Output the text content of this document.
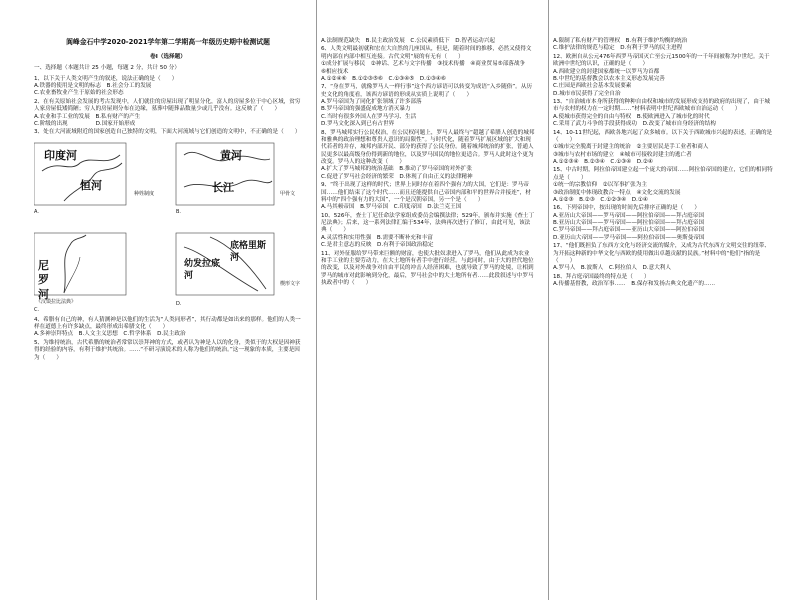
阆峰金石中学2020-2021学年第二学期高一年级历史期中检测试题
卷Ⅰ（选择题）
一、选择题（本题共计 25 小题，每题 2 分，共计 50 分）
1、以下关于人类文明产生的叙述，说法正确的是（　　）
A.铁器的使用是文明的标志　B.社会分工的发展
C.农业畜牧业产生于原始的社会形态
2、在有关原始社会发展的考古发现中，人们就住的房屋出现了明显分化，富人的房屋多位于中心区域，贫穷人家房屋低矮简陋；穷人的房屋则分布在边缘，墓葬中随葬品数量少或几乎没有。这反映了（　　）
A.农业和手工业的发展　B.私有财产的产生
C.阶级的出现　　　　　D.国家开始形成
3、处在大河流域附近的国家创造自己独特的文明，下面大河流域与它们创造的文明中，不正确的是（　　）
印度河
恒河
黄河
长江
尼罗河
幼发拉底河
底格里斯河
种姓制度	甲骨文
《汉谟拉比法典》
楔形文字
A.	B.
C.
D.
4、希腊有自己的神，有人猜测神是以他们的生活为“人类同形者”，其行动都是如出来的那样。他们的人类一样在道德上有许多缺点，最终形成出希腊文化（　　）
A.多神崇拜特点　B.人文主义思想　C.哲学体系　D.民主政治
5、为维持统治，古代希腊的统治者常常以崇拜神的方式，或者认为神是人以的化身，类似于的大权是因神获得的经验的内容，有利于维护其统治。……“不研习演说术的人称为他们的统治。”这一现象的本质，主要是因为（　　）
A.法制规范缺失　B.民主政治发展　C.公民素质低下　D.智者运动兴起
6、人类文明最初就和宏在大自然的几座国从，但是，随着时间的推移，必然又使得文明内部在内部中相互连接。古代文明“展的有无有（　　）
①成分扩展与移民　②神话、艺术与文字传播　③技术传播　④商业贸易⑤部落战争　⑥相应技术
A.①②④⑥　B.①②③⑤⑥　C.①③④⑤　D.①③④⑥
7、“身在罗马，就像罗马人一样行事”这个西方谚语可以转变为成语“入乡随俗”。从历史文化的角度看，该西方谚语的形成从实质上说明了（　　）
A.罗马帝国为了同化扩张领域了许多部落
B.罗马帝国的强盛促成地方消灭暴力
C.当时有很多外国人在罗马学习、生活
D.罗马文化深入到已有占世界
8、罗马城邦实行公民权治，在公民权问题上，罗马人最终与“超越了希腊人创造的城邦和雅典的政治理想和尊贵人意识的局限性”。与时代化，随着罗马扩展区域的扩大和现代若者的并存，城邦内部开民、部分的获得了公民身份。随着城邦统治的扩张，普通人民更多以最高级身份得到新的地位，以及罗马国民的地位更适合。罗马人此时这个更为改变。罗马人的这种改变（　　）
A.扩大了罗马城邦的统治基础　B.推动了罗马帝国的对外扩张
C.促进了罗马社会经济的繁荣　D.体现了自由正义的法律精神
9、“终于出现了这样的时代；世界上同时存在着四个强有力的大国，它们是：罗马帝国……他们结束了这个时代……而且还能提供自己帝国内部和平的世界合并接连”，材料中的“四个强有力的大国”，一个是汉朝帝国，另一个是（　　）
A.马其顿帝国　B.罗马帝国　C.印度帝国　D.法兰克王国
10、526年，查士丁尼任命法学家组成委员会编撰法律；529年，颁布并实施《查士丁尼法典》；后来，这一系列法律汇编于534年，法典再次进行了修订，由此可见，该法典（　　）
A.灵活性和实用性强　B.需要不断补充和丰富
C.是君主意志的反映　D.有利于帝国政治稳定
11、对外征服给罗马带来巨额的财富，也使大批奴隶进入了罗马，他们从此成为农业和手工业的主要劳动力，在大土地所有者手中进行经营。与此同时，由于大的世代地位的改变，以及对外战争对自由平民的冲击人经济困难，也就导致了罗马的处境，让相到罗马的城市对此影响到分化，最后，罗马社会中的大土地所有者……此段叙述与中罗马执政者中的（　　）
A.限制了私有财产的管理权　B.有利于维护均衡的统治
C.维护法律的规范与稳定　D.有利于罗马的民主进程
12、欧洲自从公元476年西罗马帝国灭亡至公元1500年的一千年间被称为中世纪。关于欧洲中世纪的认识，正确的是（　　）
A.西欧建立的封建国家都统一以罗马为首都
B.中世纪的基督教会以农本主义形态发展完善
C.庄园是西欧社会基本发展要素
D.城市市民获得了完全自治
13、“自治城市本身所获得的种种自由权和城市的发展形成支持的政府的出现了，由于城市与农村的权力在一定时期……”材料表明中世纪西欧城市自治运动（　　）
A.使城市获得完全的自由与特权　B.使欧洲进入了城市化的时代
C.采用了武力斗争的手段获得成功　D.改变了城市自身经济的结构
14、10-11世纪起，西欧各地兴起了众多城市。以下关于西欧城市兴起的表述，正确的是（　　）
①城市完全脱离于封建主的统治　②主要居民是手工业者和商人
③城市与农村市场的建立　④城市可接收封建主的逃亡者
A.①②③④　B.②③④　C.①③④　D.②④
15、中古时期，阿拉伯帝国建立起一个庞大的帝国……阿拉伯帝国的建立，它们的相同特点是（　　）
①统一的宗教信仰　②以军事扩张为主
③政治制度中体现政教合一特点　④文化交流的发展
A.①②③　B.②③　C.①②③④　D.①④
16、下列帝国中，按出现的时间先后排序正确的是（　　）
A.亚历山大帝国——罗马帝国——阿拉伯帝国——拜占庭帝国
B.亚历山大帝国——罗马帝国——阿拉伯帝国——拜占庭帝国
C.罗马帝国——拜占庭帝国——亚历山大帝国——阿拉伯帝国
D.亚历山大帝国——罗马帝国——阿拉伯帝国——奥斯曼帝国
17、“他们既担负了东西方文化与经济交流的媒介，又成为古代东西方文明交往的纽带、为开拓这种新的中华文化与西欧的使用做出卓越贡献的民族。”材料中的“他们”指的是（　　）
A.罗马人　B.波斯人　C.阿拉伯人　D.意大利人
18、拜占庭帝国最终的特点是（　　）
A.传播基督教，政治军事……　B.保存和发扬古典文化遗产的……
